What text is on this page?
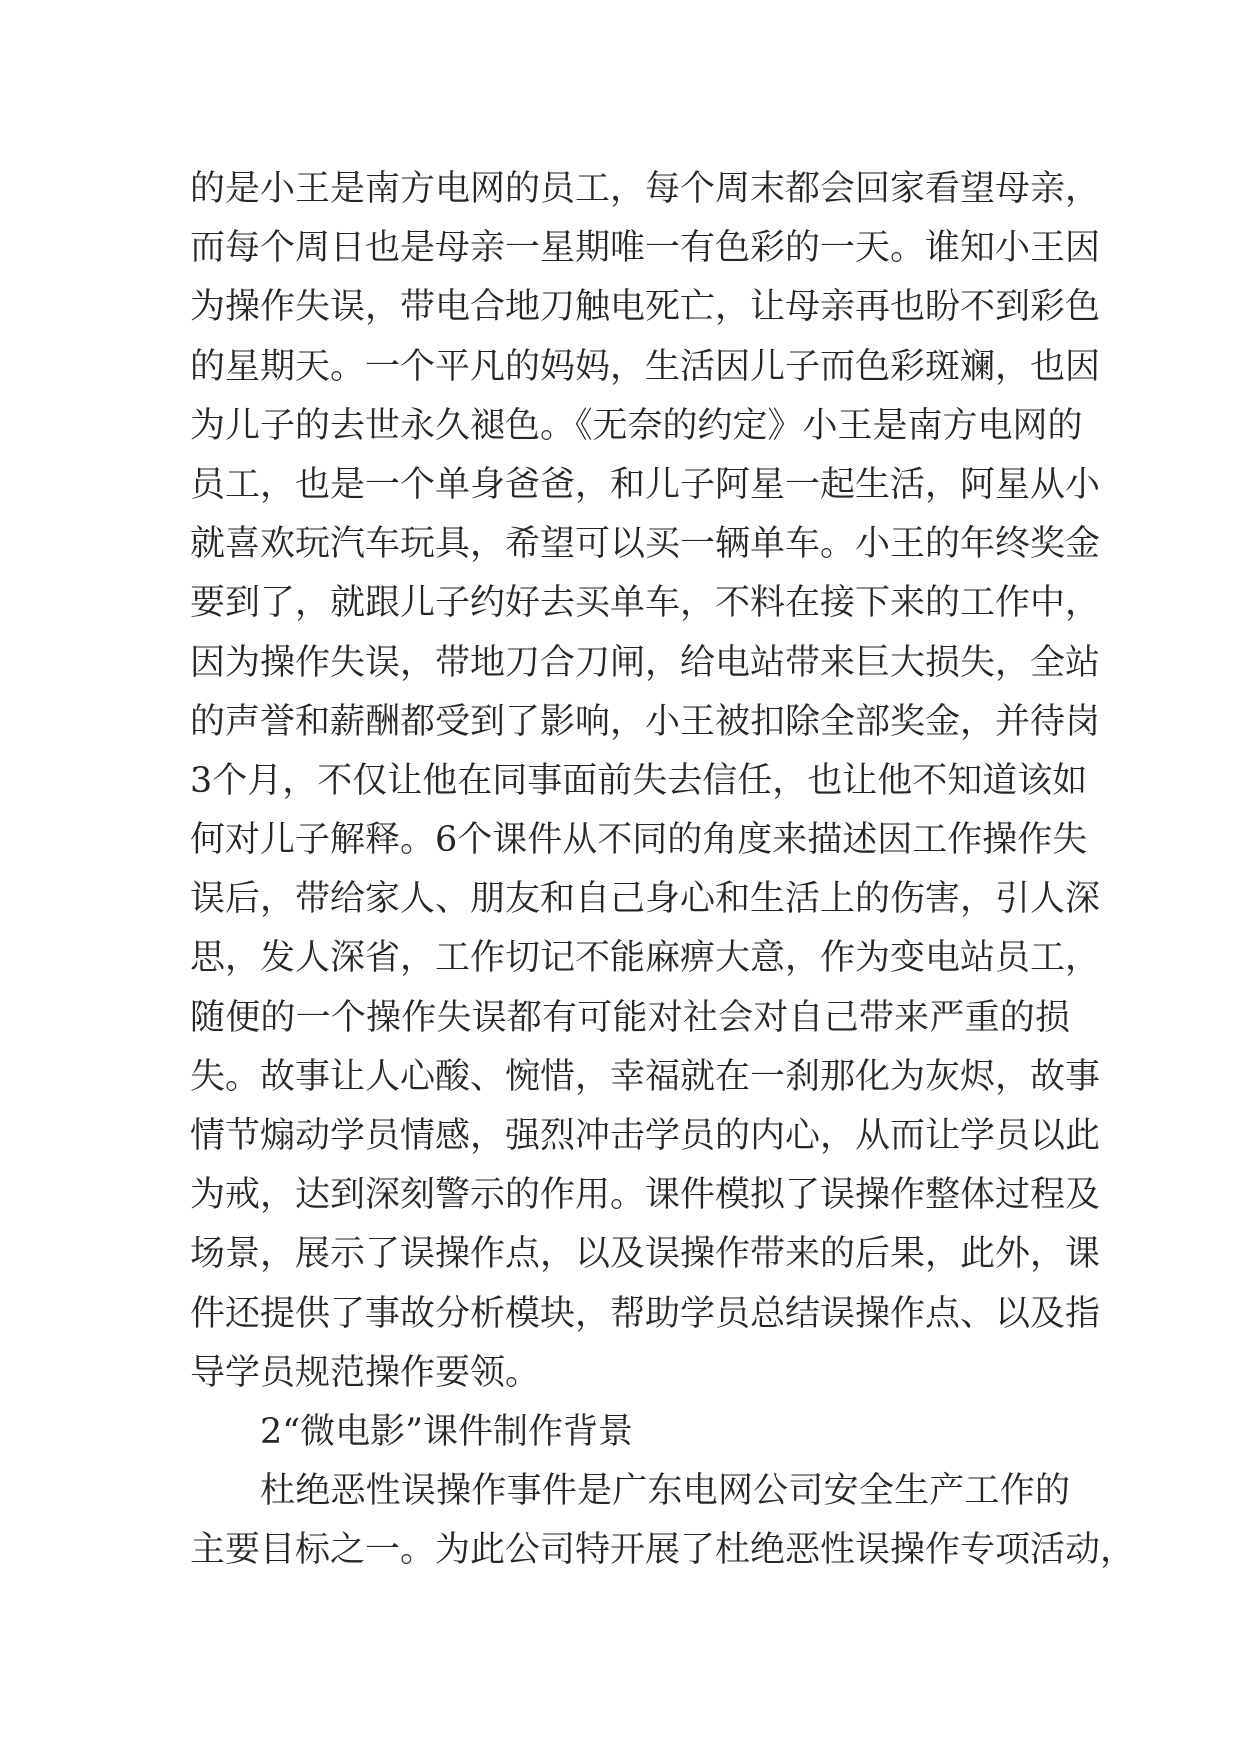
的是小王是南方电网的员工，每个周末都会回家看望母亲，
而每个周日也是母亲一星期唯一有色彩的一天。谁知小王因
为操作失误，带电合地刀触电死亡，让母亲再也盼不到彩色
的星期天。一个平凡的妈妈，生活因儿子而色彩斑斓，也因
为儿子的去世永久褪色。《无奈的约定》小王是南方电网的
员工，也是一个单身爸爸，和儿子阿星一起生活，阿星从小
就喜欢玩汽车玩具，希望可以买一辆单车。小王的年终奖金
要到了，就跟儿子约好去买单车，不料在接下来的工作中，
因为操作失误，带地刀合刀闸，给电站带来巨大损失，全站
的声誉和薪酬都受到了影响，小王被扣除全部奖金，并待岗
3个月，不仅让他在同事面前失去信任，也让他不知道该如
何对儿子解释。6个课件从不同的角度来描述因工作操作失
误后，带给家人、朋友和自己身心和生活上的伤害，引人深
思，发人深省，工作切记不能麻痹大意，作为变电站员工，
随便的一个操作失误都有可能对社会对自己带来严重的损
失。故事让人心酸、惋惜，幸福就在一刹那化为灰烬，故事
情节煽动学员情感，强烈冲击学员的内心，从而让学员以此
为戒，达到深刻警示的作用。课件模拟了误操作整体过程及
场景，展示了误操作点，以及误操作带来的后果，此外，课
件还提供了事故分析模块，帮助学员总结误操作点、以及指
导学员规范操作要领。
2“微电影”课件制作背景
杜绝恶性误操作事件是广东电网公司安全生产工作的
主要目标之一。为此公司特开展了杜绝恶性误操作专项活动，
